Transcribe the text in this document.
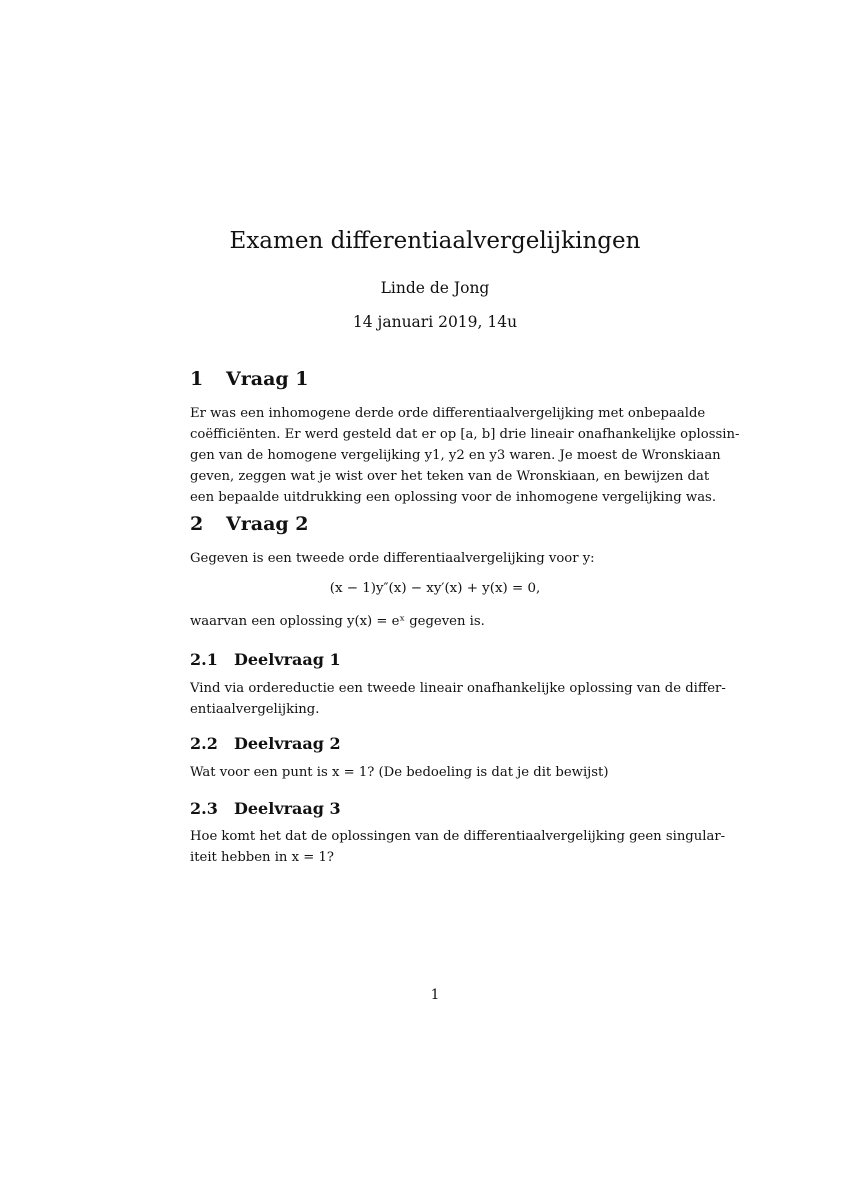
Examen differentiaalvergelijkingen
Linde de Jong
14 januari 2019, 14u
1 Vraag 1
Er was een inhomogene derde orde differentiaalvergelijking met onbepaalde
coëfficiënten. Er werd gesteld dat er op [a, b] drie lineair onafhankelijke oplossin-
gen van de homogene vergelijking y1, y2 en y3 waren. Je moest de Wronskiaan
geven, zeggen wat je wist over het teken van de Wronskiaan, en bewijzen dat
een bepaalde uitdrukking een oplossing voor de inhomogene vergelijking was.
2 Vraag 2
Gegeven is een tweede orde differentiaalvergelijking voor y:
(x − 1)y″(x) − xy′(x) + y(x) = 0,
waarvan een oplossing y(x) = eˣ gegeven is.
2.1 Deelvraag 1
Vind via ordereductie een tweede lineair onafhankelijke oplossing van de differ-
entiaalvergelijking.
2.2 Deelvraag 2
Wat voor een punt is x = 1? (De bedoeling is dat je dit bewijst)
2.3 Deelvraag 3
Hoe komt het dat de oplossingen van de differentiaalvergelijking geen singular-
iteit hebben in x = 1?
1
